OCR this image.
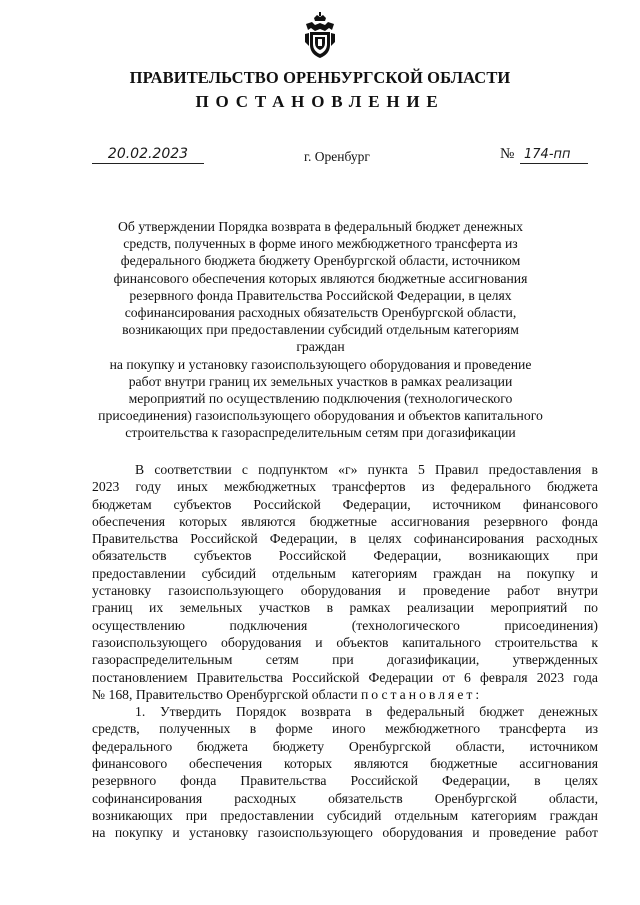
ПРАВИТЕЛЬСТВО ОРЕНБУРГСКОЙ ОБЛАСТИ
ПОСТАНОВЛЕНИЕ
20.02.2023	г. Оренбург	№ 174-пп
Об утверждении Порядка возврата в федеральный бюджет денежных
средств, полученных в форме иного межбюджетного трансферта из
федерального бюджета бюджету Оренбургской области, источником
финансового обеспечения которых являются бюджетные ассигнования
резервного фонда Правительства Российской Федерации, в целях
софинансирования расходных обязательств Оренбургской области,
возникающих при предоставлении субсидий отдельным категориям граждан
на покупку и установку газоиспользующего оборудования и проведение
работ внутри границ их земельных участков в рамках реализации
мероприятий по осуществлению подключения (технологического
присоединения) газоиспользующего оборудования и объектов капитального
строительства к газораспределительным сетям при догазификации
В соответствии с подпунктом «г» пункта 5 Правил предоставления в
2023 году иных межбюджетных трансфертов из федерального бюджета
бюджетам субъектов Российской Федерации, источником финансового
обеспечения которых являются бюджетные ассигнования резервного фонда
Правительства Российской Федерации, в целях софинансирования расходных
обязательств субъектов Российской Федерации, возникающих при
предоставлении субсидий отдельным категориям граждан на покупку и
установку газоиспользующего оборудования и проведение работ внутри
границ их земельных участков в рамках реализации мероприятий по
осуществлению подключения (технологического присоединения)
газоиспользующего оборудования и объектов капитального строительства к
газораспределительным сетям при догазификации, утвержденных
постановлением Правительства Российской Федерации от 6 февраля 2023 года
№ 168, Правительство Оренбургской области постановляет:
1. Утвердить Порядок возврата в федеральный бюджет денежных
средств, полученных в форме иного межбюджетного трансферта из
федерального бюджета бюджету Оренбургской области, источником
финансового обеспечения которых являются бюджетные ассигнования
резервного фонда Правительства Российской Федерации, в целях
софинансирования расходных обязательств Оренбургской области,
возникающих при предоставлении субсидий отдельным категориям граждан
на покупку и установку газоиспользующего оборудования и проведение работ
